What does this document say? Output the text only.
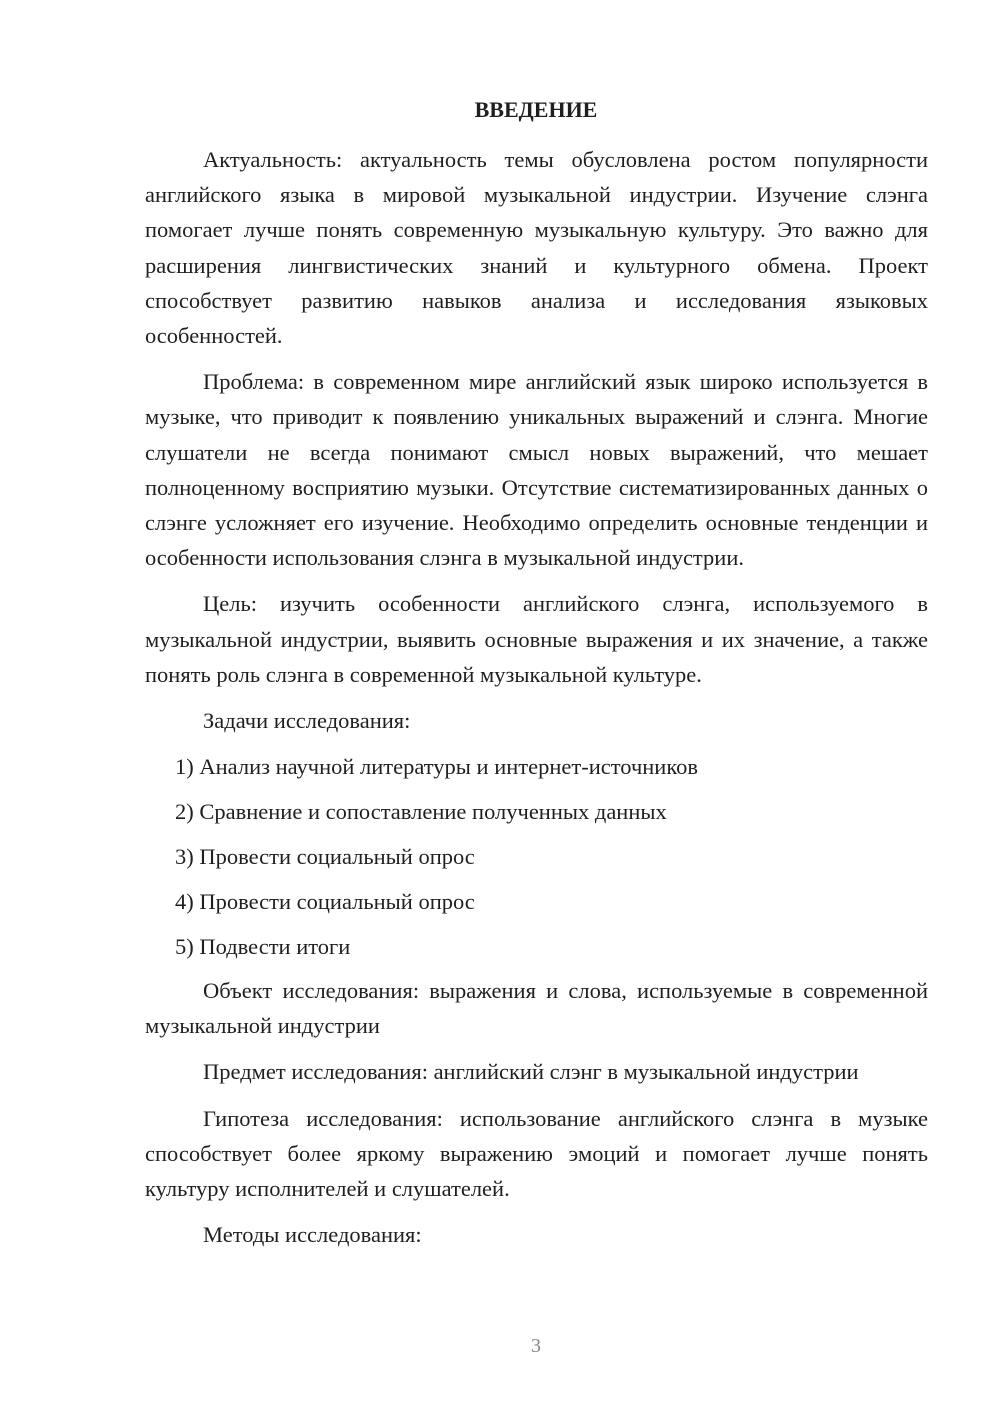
ВВЕДЕНИЕ

Актуальность: актуальность темы обусловлена ростом популярности английского языка в мировой музыкальной индустрии. Изучение слэнга помогает лучше понять современную музыкальную культуру. Это важно для расширения лингвистических знаний и культурного обмена. Проект способствует развитию навыков анализа и исследования языковых особенностей.

Проблема: в современном мире английский язык широко используется в музыке, что приводит к появлению уникальных выражений и слэнга. Многие слушатели не всегда понимают смысл новых выражений, что мешает полноценному восприятию музыки. Отсутствие систематизированных данных о слэнге усложняет его изучение. Необходимо определить основные тенденции и особенности использования слэнга в музыкальной индустрии.

Цель: изучить особенности английского слэнга, используемого в музыкальной индустрии, выявить основные выражения и их значение, а также понять роль слэнга в современной музыкальной культуре.

Задачи исследования:

1) Анализ научной литературы и интернет-источников
2) Сравнение и сопоставление полученных данных
3) Провести социальный опрос
4) Провести социальный опрос
5) Подвести итоги

Объект исследования: выражения и слова, используемые в современной музыкальной индустрии

Предмет исследования: английский слэнг в музыкальной индустрии

Гипотеза исследования: использование английского слэнга в музыке способствует более яркому выражению эмоций и помогает лучше понять культуру исполнителей и слушателей.

Методы исследования:

3
